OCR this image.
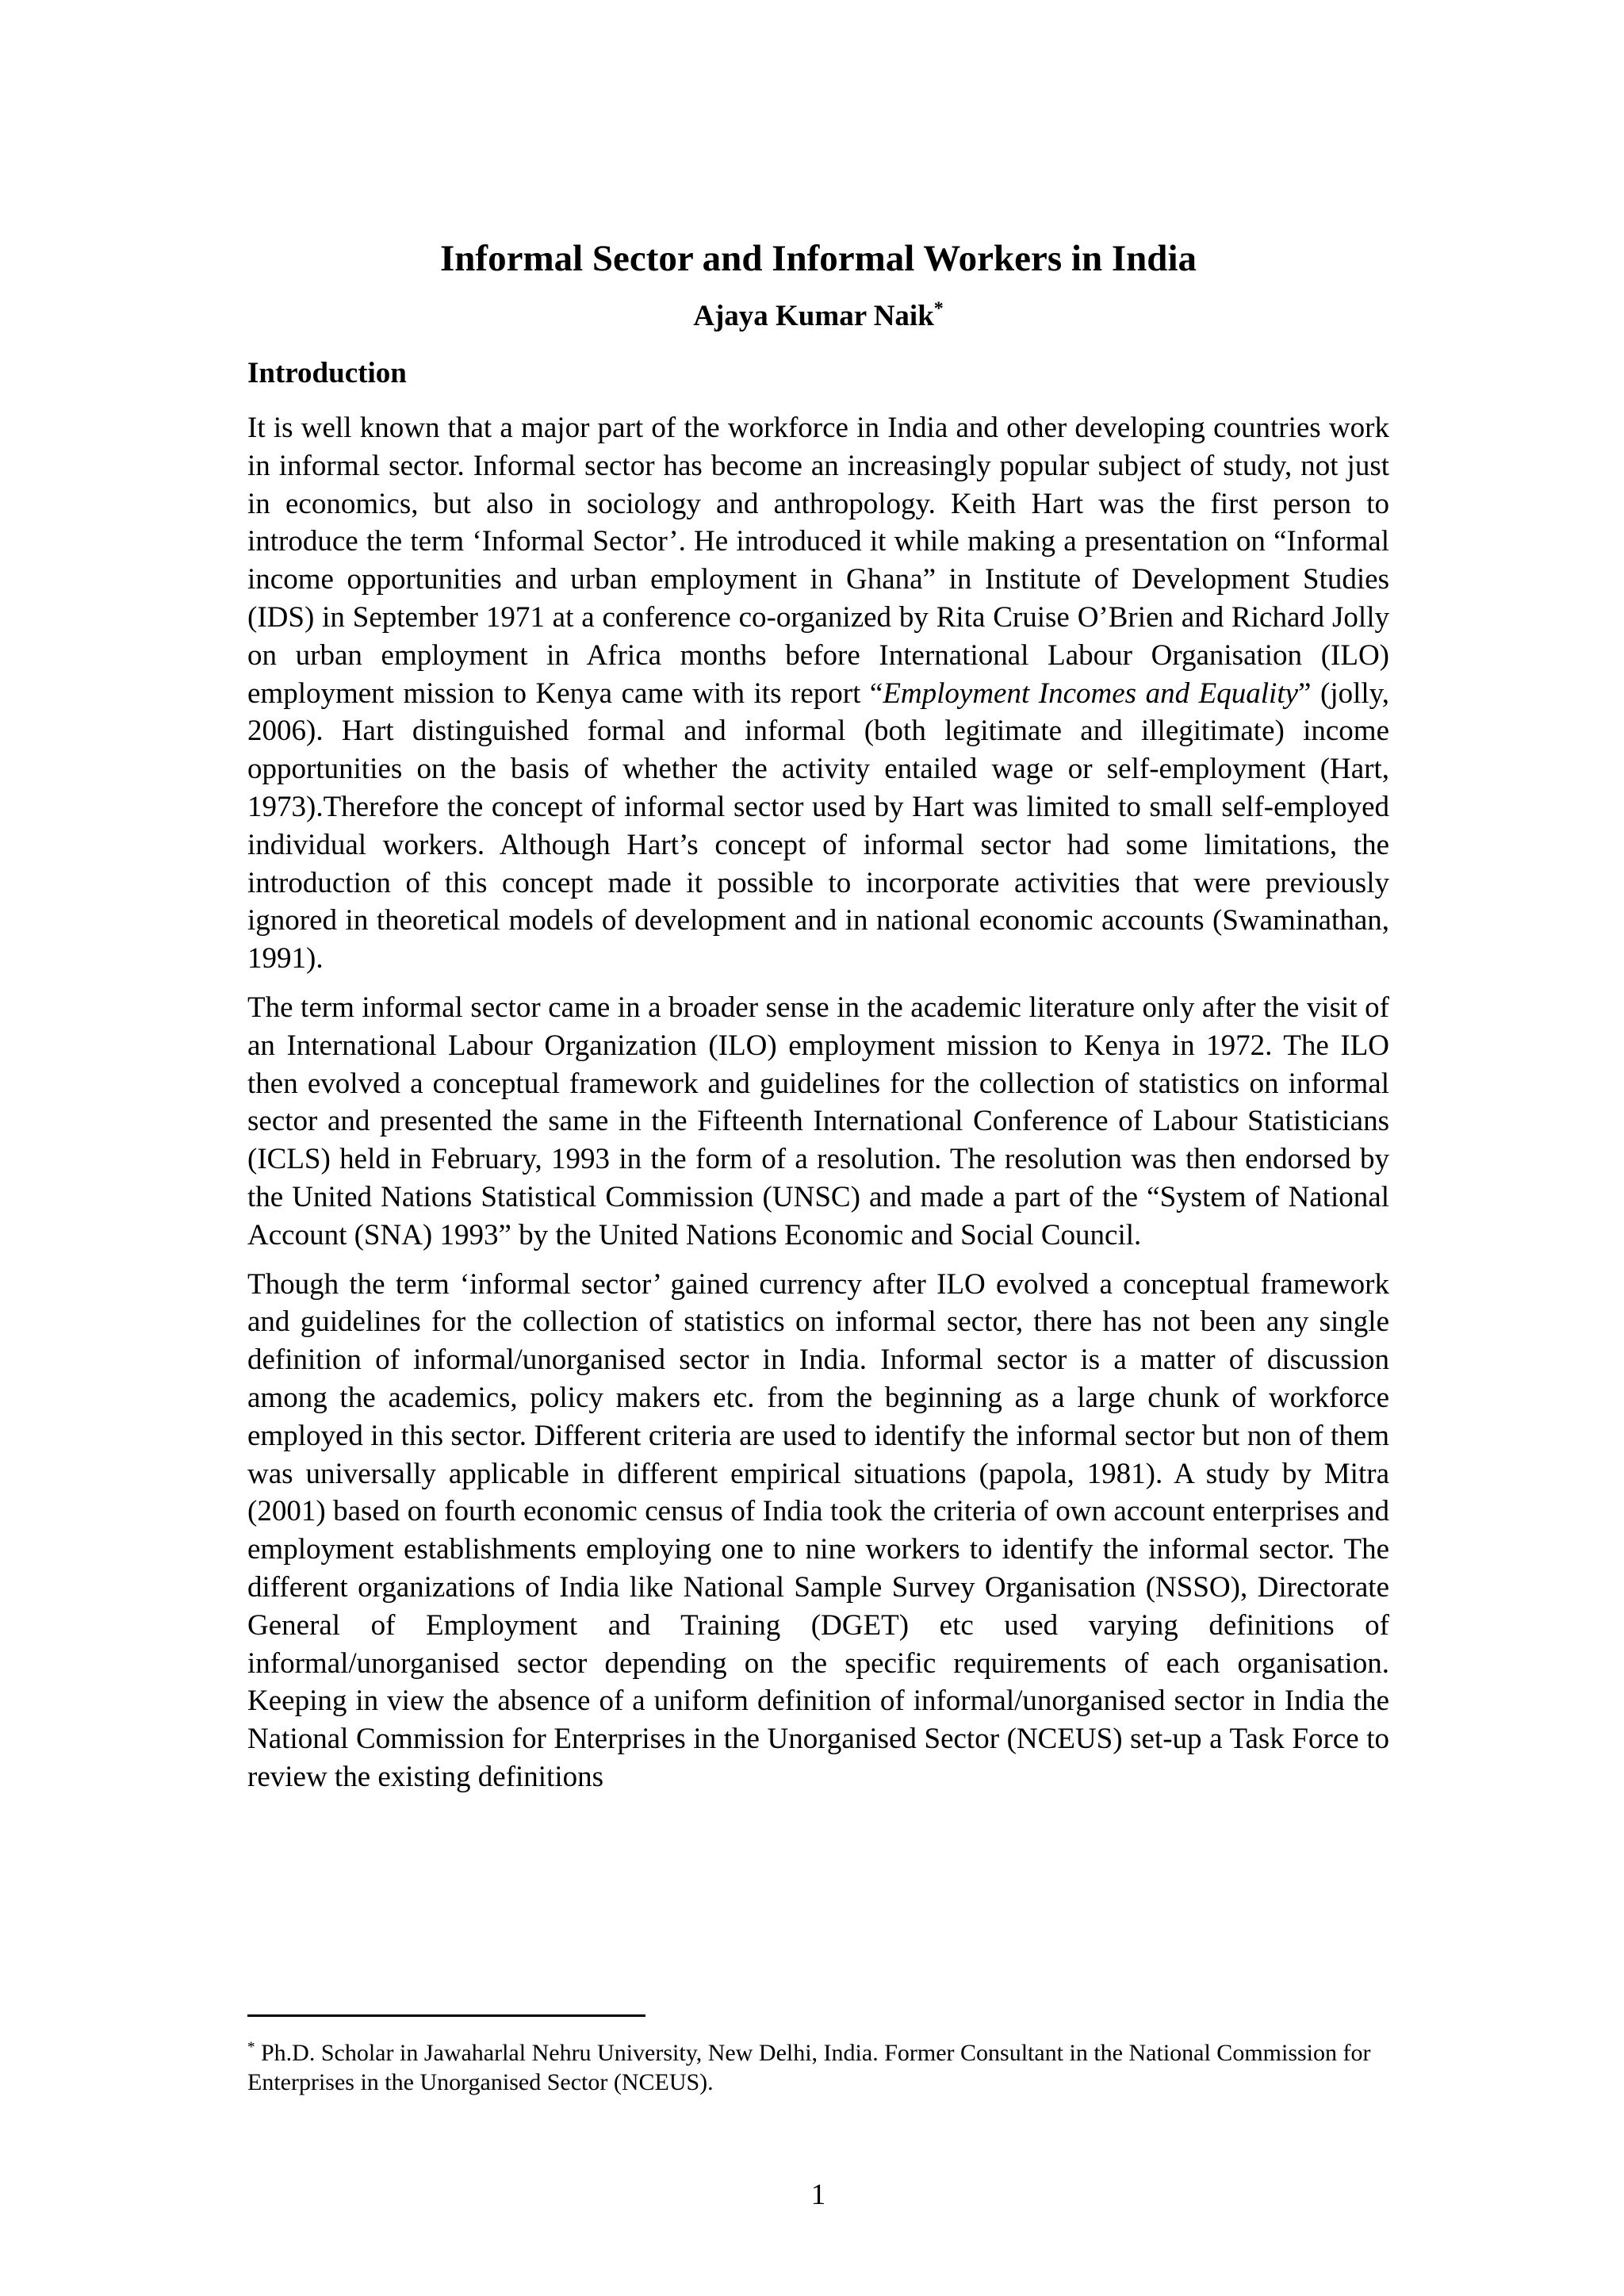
Informal Sector and Informal Workers in India
Ajaya Kumar Naik*
Introduction

It is well known that a major part of the workforce in India and other developing countries work in informal sector. Informal sector has become an increasingly popular subject of study, not just in economics, but also in sociology and anthropology. Keith Hart was the first person to introduce the term ‘Informal Sector’. He introduced it while making a presentation on “Informal income opportunities and urban employment in Ghana” in Institute of Development Studies (IDS) in September 1971 at a conference co-organized by Rita Cruise O’Brien and Richard Jolly on urban employment in Africa months before International Labour Organisation (ILO) employment mission to Kenya came with its report “Employment Incomes and Equality” (jolly, 2006). Hart distinguished formal and informal (both legitimate and illegitimate) income opportunities on the basis of whether the activity entailed wage or self-employment (Hart, 1973).Therefore the concept of informal sector used by Hart was limited to small self-employed individual workers. Although Hart’s concept of informal sector had some limitations, the introduction of this concept made it possible to incorporate activities that were previously ignored in theoretical models of development and in national economic accounts (Swaminathan, 1991).

The term informal sector came in a broader sense in the academic literature only after the visit of an International Labour Organization (ILO) employment mission to Kenya in 1972. The ILO then evolved a conceptual framework and guidelines for the collection of statistics on informal sector and presented the same in the Fifteenth International Conference of Labour Statisticians (ICLS) held in February, 1993 in the form of a resolution. The resolution was then endorsed by the United Nations Statistical Commission (UNSC) and made a part of the “System of National Account (SNA) 1993” by the United Nations Economic and Social Council.

Though the term ‘informal sector’ gained currency after ILO evolved a conceptual framework and guidelines for the collection of statistics on informal sector, there has not been any single definition of informal/unorganised sector in India. Informal sector is a matter of discussion among the academics, policy makers etc. from the beginning as a large chunk of workforce employed in this sector. Different criteria are used to identify the informal sector but non of them was universally applicable in different empirical situations (papola, 1981). A study by Mitra (2001) based on fourth economic census of India took the criteria of own account enterprises and employment establishments employing one to nine workers to identify the informal sector. The different organizations of India like National Sample Survey Organisation (NSSO), Directorate General of Employment and Training (DGET) etc used varying definitions of informal/unorganised sector depending on the specific requirements of each organisation. Keeping in view the absence of a uniform definition of informal/unorganised sector in India the National Commission for Enterprises in the Unorganised Sector (NCEUS) set-up a Task Force to review the existing definitions

* Ph.D. Scholar in Jawaharlal Nehru University, New Delhi, India. Former Consultant in the National Commission for Enterprises in the Unorganised Sector (NCEUS).

1
